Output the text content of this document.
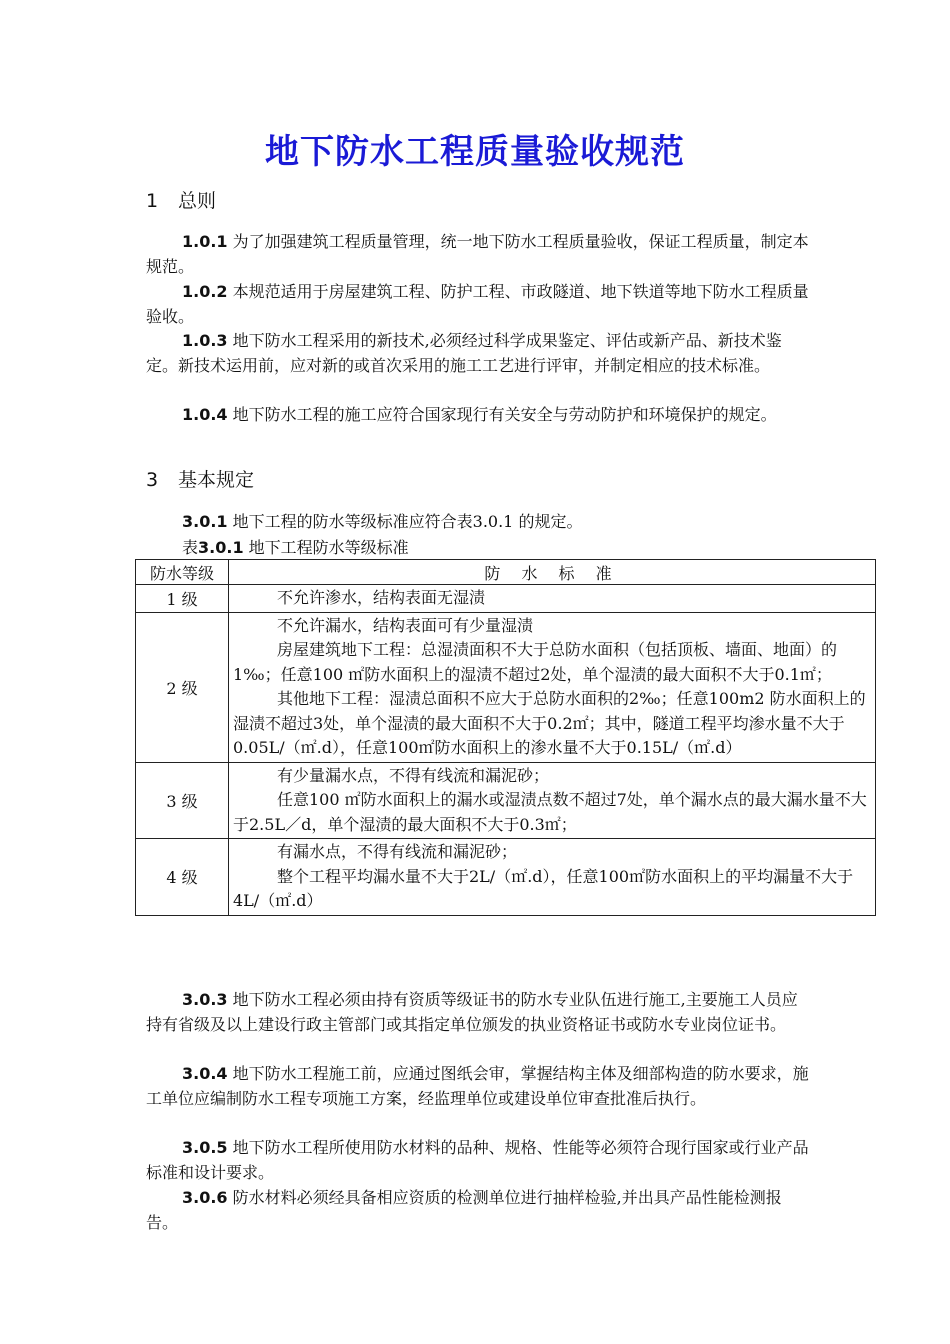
地下防水工程质量验收规范
1 总则
1.0.1 为了加强建筑工程质量管理，统一地下防水工程质量验收，保证工程质量，制定本规范。
1.0.2 本规范适用于房屋建筑工程、防护工程、市政隧道、地下铁道等地下防水工程质量验收。
1.0.3 地下防水工程采用的新技术,必须经过科学成果鉴定、评估或新产品、新技术鉴定。新技术运用前，应对新的或首次采用的施工工艺进行评审，并制定相应的技术标准。
1.0.4 地下防水工程的施工应符合国家现行有关安全与劳动防护和环境保护的规定。
3 基本规定
3.0.1 地下工程的防水等级标准应符合表3.0.1 的规定。
表3.0.1 地下工程防水等级标准
防水等级	防 水 标 准
1 级	不允许渗水，结构表面无湿渍

2 级	不允许漏水，结构表面可有少量湿渍
房屋建筑地下工程：总湿渍面积不大于总防水面积（包括顶板、墙面、地面）的1‰；任意100 ㎡防水面积上的湿渍不超过2处，单个湿渍的最大面积不大于0.1㎡；
其他地下工程：湿渍总面积不应大于总防水面积的2‰；任意100m2 防水面积上的湿渍不超过3处，单个湿渍的最大面积不大于0.2㎡；其中，隧道工程平均渗水量不大于0.05L/（㎡.d），任意100㎡防水面积上的渗水量不大于0.15L/（㎡.d）

3 级	有少量漏水点，不得有线流和漏泥砂；
任意100 ㎡防水面积上的漏水或湿渍点数不超过7处，单个漏水点的最大漏水量不大于2.5L／d，单个湿渍的最大面积不大于0.3㎡；

4 级	有漏水点，不得有线流和漏泥砂；
整个工程平均漏水量不大于2L/（㎡.d），任意100㎡防水面积上的平均漏量不大于4L/（㎡.d）
3.0.3 地下防水工程必须由持有资质等级证书的防水专业队伍进行施工,主要施工人员应持有省级及以上建设行政主管部门或其指定单位颁发的执业资格证书或防水专业岗位证书。
3.0.4 地下防水工程施工前，应通过图纸会审，掌握结构主体及细部构造的防水要求，施工单位应编制防水工程专项施工方案，经监理单位或建设单位审查批准后执行。
3.0.5 地下防水工程所使用防水材料的品种、规格、性能等必须符合现行国家或行业产品标准和设计要求。
3.0.6 防水材料必须经具备相应资质的检测单位进行抽样检验,并出具产品性能检测报告。
